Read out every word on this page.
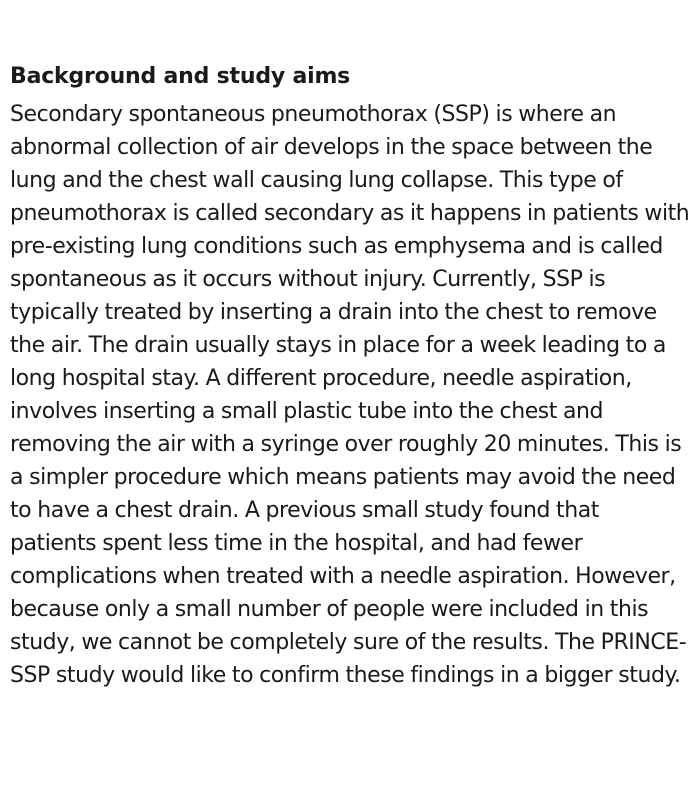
Background and study aims

Secondary spontaneous pneumothorax (SSP) is where an abnormal collection of air develops in the space between the lung and the chest wall causing lung collapse. This type of pneumothorax is called secondary as it happens in patients with pre-existing lung conditions such as emphysema and is called spontaneous as it occurs without injury. Currently, SSP is typically treated by inserting a drain into the chest to remove the air. The drain usually stays in place for a week leading to a long hospital stay. A different procedure, needle aspiration, involves inserting a small plastic tube into the chest and removing the air with a syringe over roughly 20 minutes. This is a simpler procedure which means patients may avoid the need to have a chest drain. A previous small study found that patients spent less time in the hospital, and had fewer complications when treated with a needle aspiration. However, because only a small number of people were included in this study, we cannot be completely sure of the results. The PRINCE-SSP study would like to confirm these findings in a bigger study.
